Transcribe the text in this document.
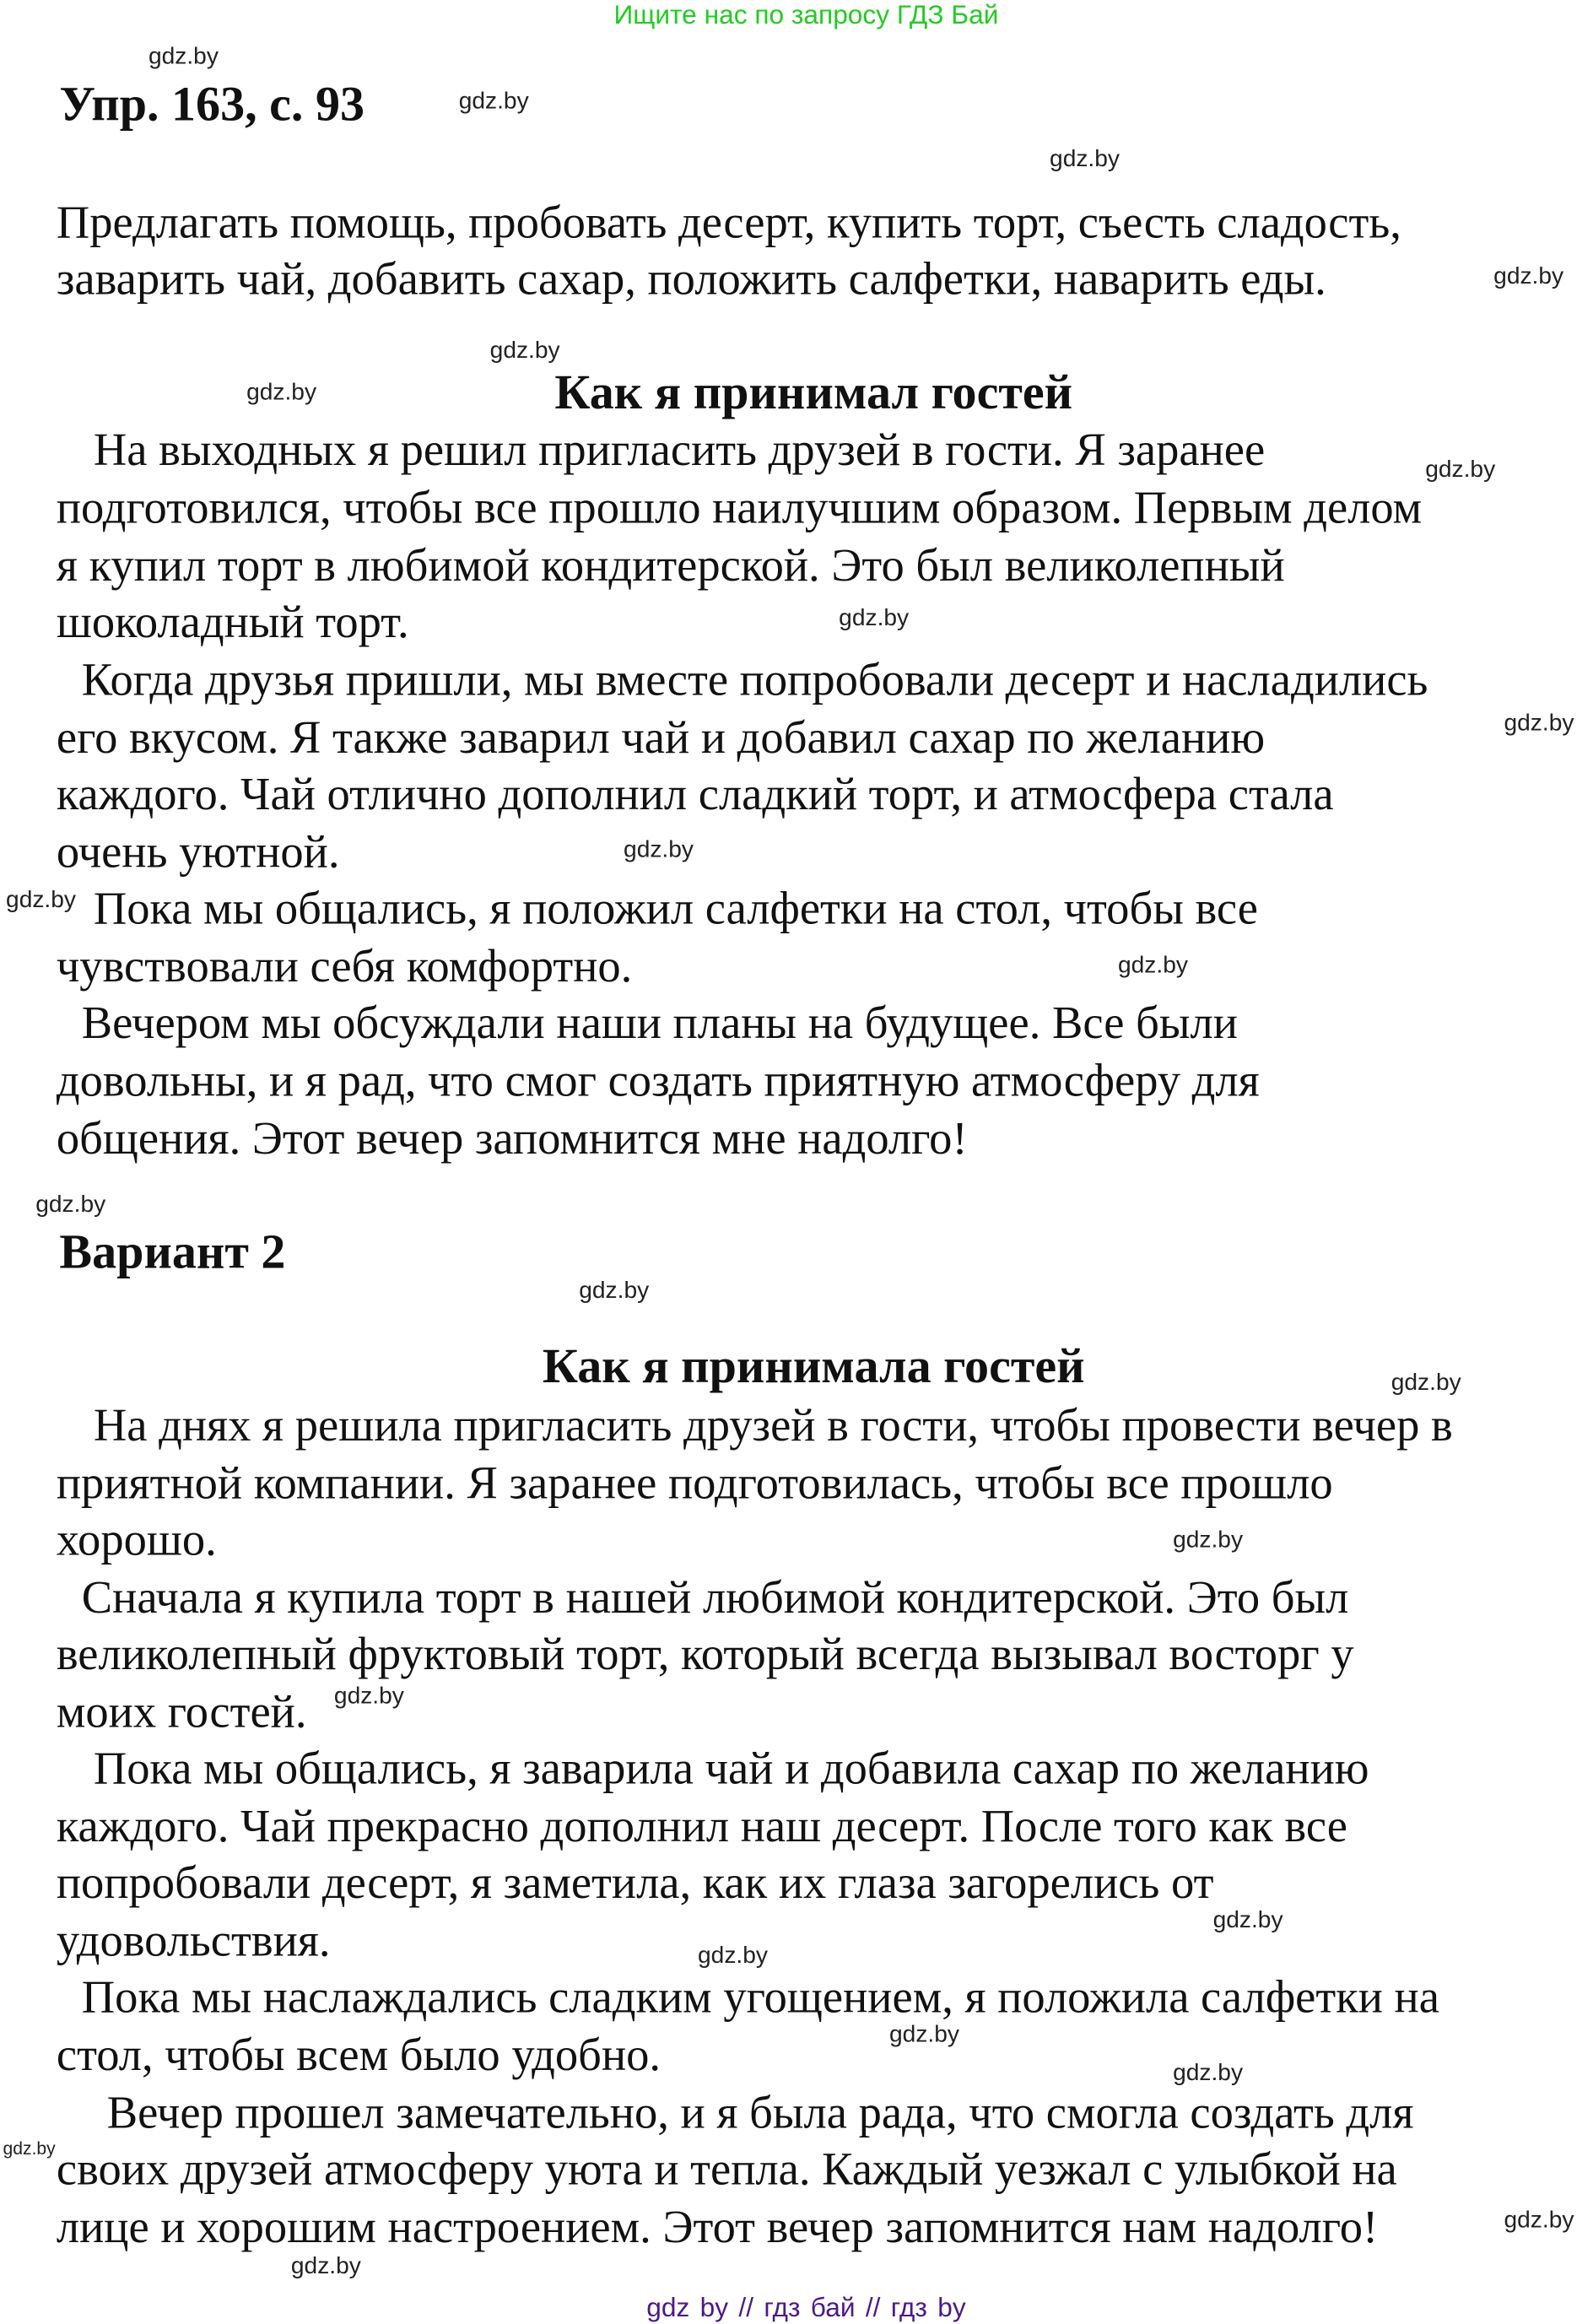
Ищите нас по запросу ГДЗ Бай
Упр. 163, с. 93
Предлагать помощь, пробовать десерт, купить торт, съесть сладость,
заварить чай, добавить сахар, положить салфетки, наварить еды.
Как я принимал гостей
На выходных я решил пригласить друзей в гости. Я заранее
подготовился, чтобы все прошло наилучшим образом. Первым делом
я купил торт в любимой кондитерской. Это был великолепный
шоколадный торт.
Когда друзья пришли, мы вместе попробовали десерт и насладились
его вкусом. Я также заварил чай и добавил сахар по желанию
каждого. Чай отлично дополнил сладкий торт, и атмосфера стала
очень уютной.
Пока мы общались, я положил салфетки на стол, чтобы все
чувствовали себя комфортно.
Вечером мы обсуждали наши планы на будущее. Все были
довольны, и я рад, что смог создать приятную атмосферу для
общения. Этот вечер запомнится мне надолго!
Вариант 2
Как я принимала гостей
На днях я решила пригласить друзей в гости, чтобы провести вечер в
приятной компании. Я заранее подготовилась, чтобы все прошло
хорошо.
Сначала я купила торт в нашей любимой кондитерской. Это был
великолепный фруктовый торт, который всегда вызывал восторг у
моих гостей.
Пока мы общались, я заварила чай и добавила сахар по желанию
каждого. Чай прекрасно дополнил наш десерт. После того как все
попробовали десерт, я заметила, как их глаза загорелись от
удовольствия.
Пока мы наслаждались сладким угощением, я положила салфетки на
стол, чтобы всем было удобно.
Вечер прошел замечательно, и я была рада, что смогла создать для
своих друзей атмосферу уюта и тепла. Каждый уезжал с улыбкой на
лице и хорошим настроением. Этот вечер запомнится нам надолго!
gdz.by
gdz.by
gdz.by
gdz.by
gdz.by
gdz.by
gdz.by
gdz.by
gdz.by
gdz.by
gdz.by
gdz.by
gdz.by
gdz.by
gdz.by
gdz.by
gdz.by
gdz.by
gdz.by
gdz.by
gdz.by
gdz.by
gdz.by
gdz.by
gdz by // гдз бай // гдз by
